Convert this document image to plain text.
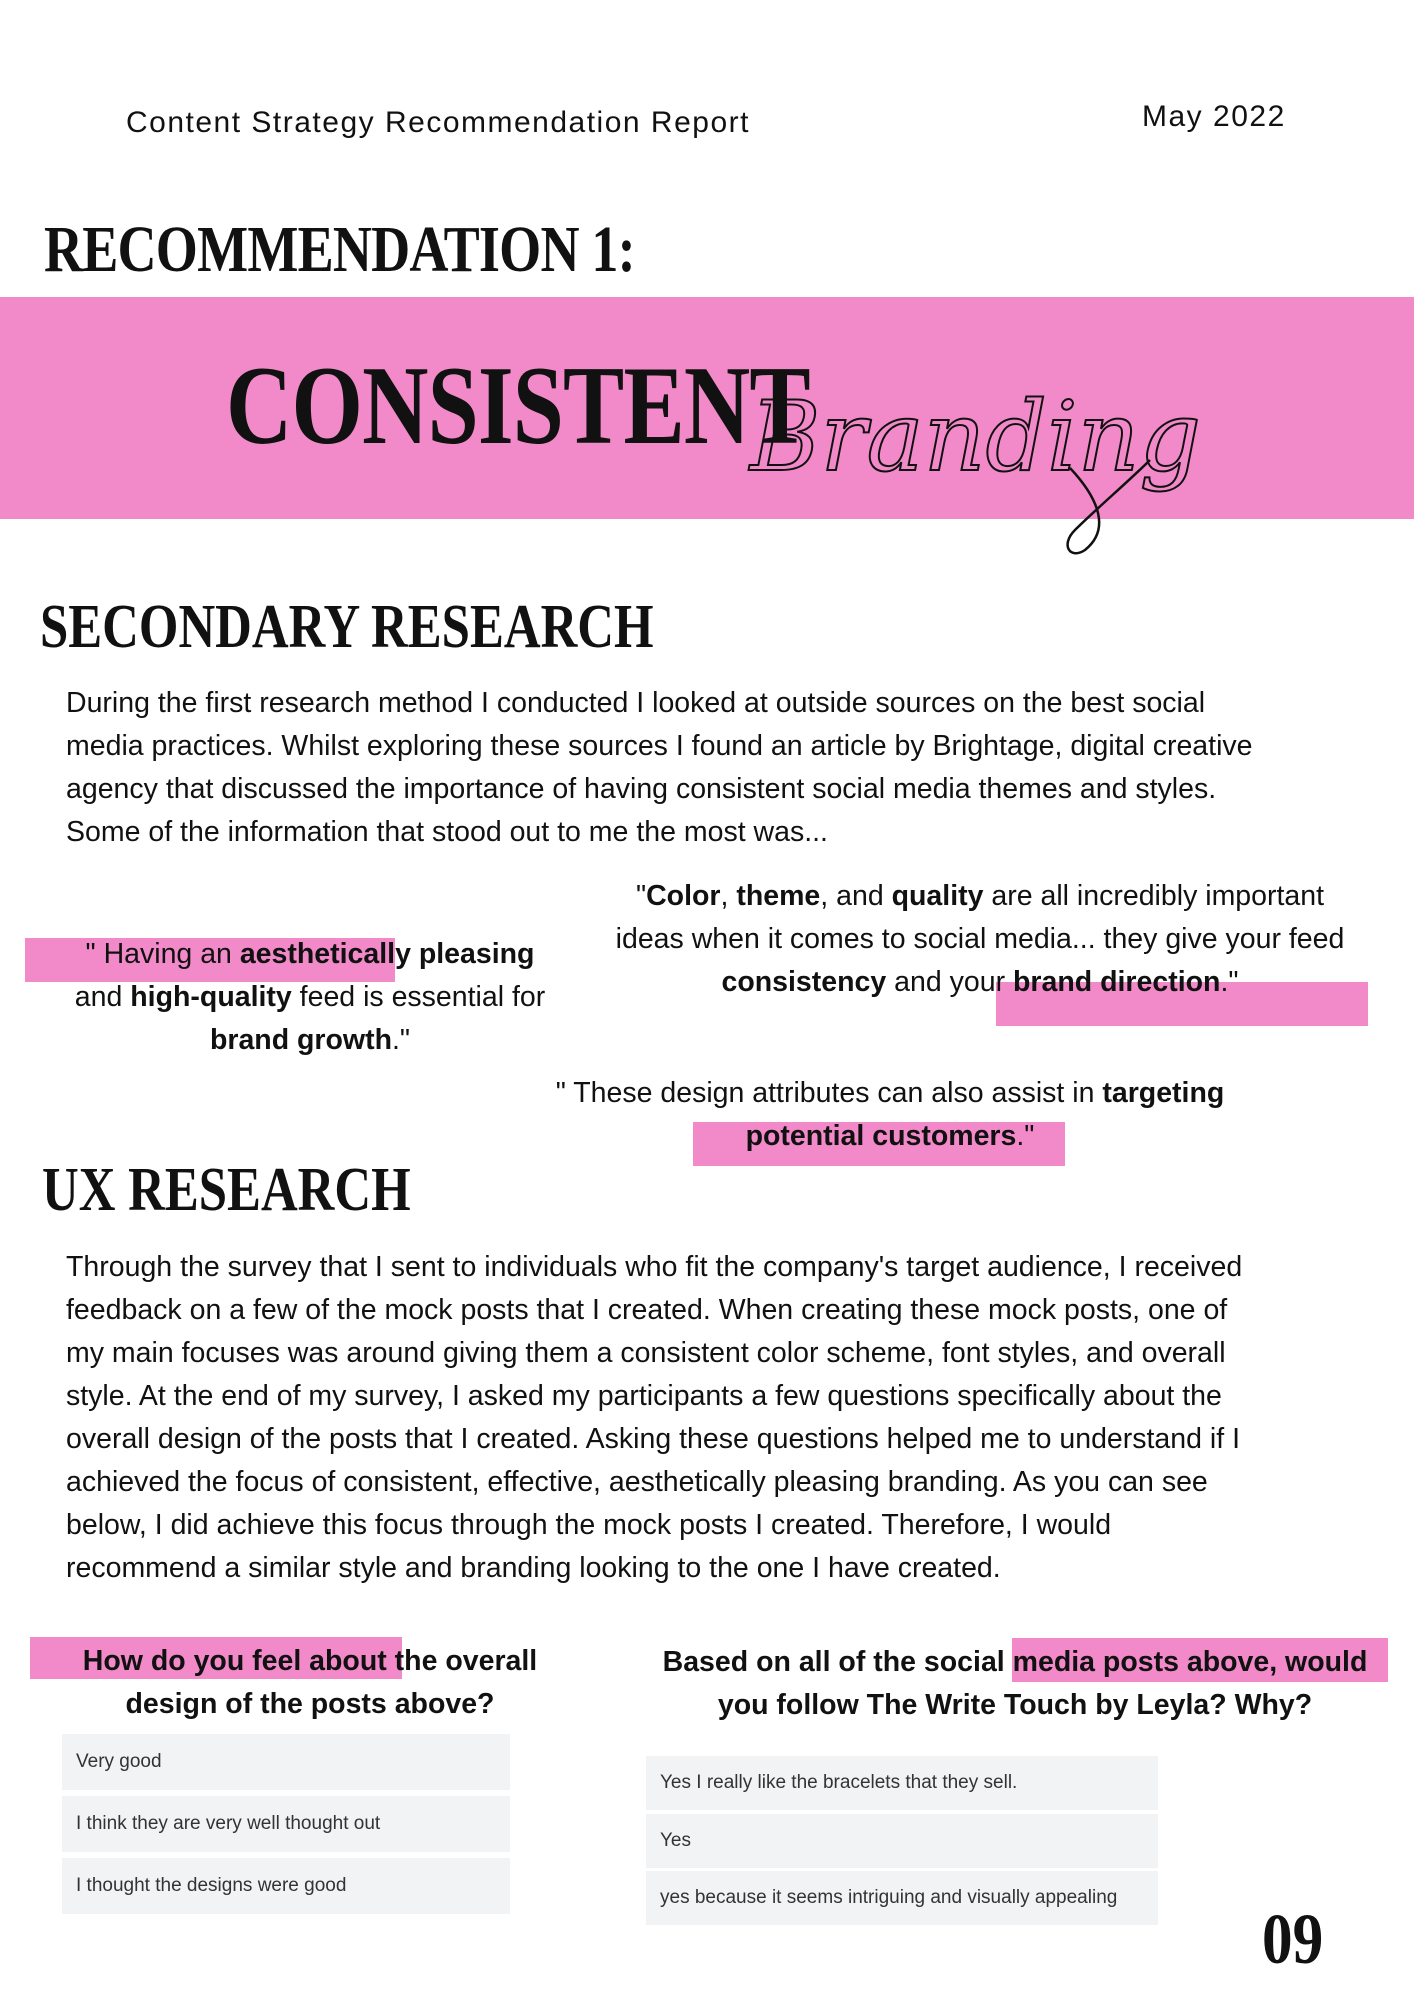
Content Strategy Recommendation Report	May 2022
RECOMMENDATION 1:
CONSISTENT
Branding
SECONDARY RESEARCH
During the first research method I conducted I looked at outside sources on the best social
media practices. Whilst exploring these sources I found an article by Brightage, digital creative
agency that discussed the importance of having consistent social media themes and styles.
Some of the information that stood out to me the most was...
" Having an aesthetically pleasing
and high-quality feed is essential for
brand growth."
"Color, theme, and quality are all incredibly important
ideas when it comes to social media... they give your feed
consistency and your brand direction."
" These design attributes can also assist in targeting
potential customers."
UX RESEARCH
Through the survey that I sent to individuals who fit the company's target audience, I received
feedback on a few of the mock posts that I created. When creating these mock posts, one of
my main focuses was around giving them a consistent color scheme, font styles, and overall
style. At the end of my survey, I asked my participants a few questions specifically about the
overall design of the posts that I created. Asking these questions helped me to understand if I
achieved the focus of consistent, effective, aesthetically pleasing branding. As you can see
below, I did achieve this focus through the mock posts I created. Therefore, I would
recommend a similar style and branding looking to the one I have created.
How do you feel about the overall
design of the posts above?
Very good
I think they are very well thought out
I thought the designs were good
Based on all of the social media posts above, would
you follow The Write Touch by Leyla? Why?
Yes I really like the bracelets that they sell.
Yes
yes because it seems intriguing and visually appealing
09
